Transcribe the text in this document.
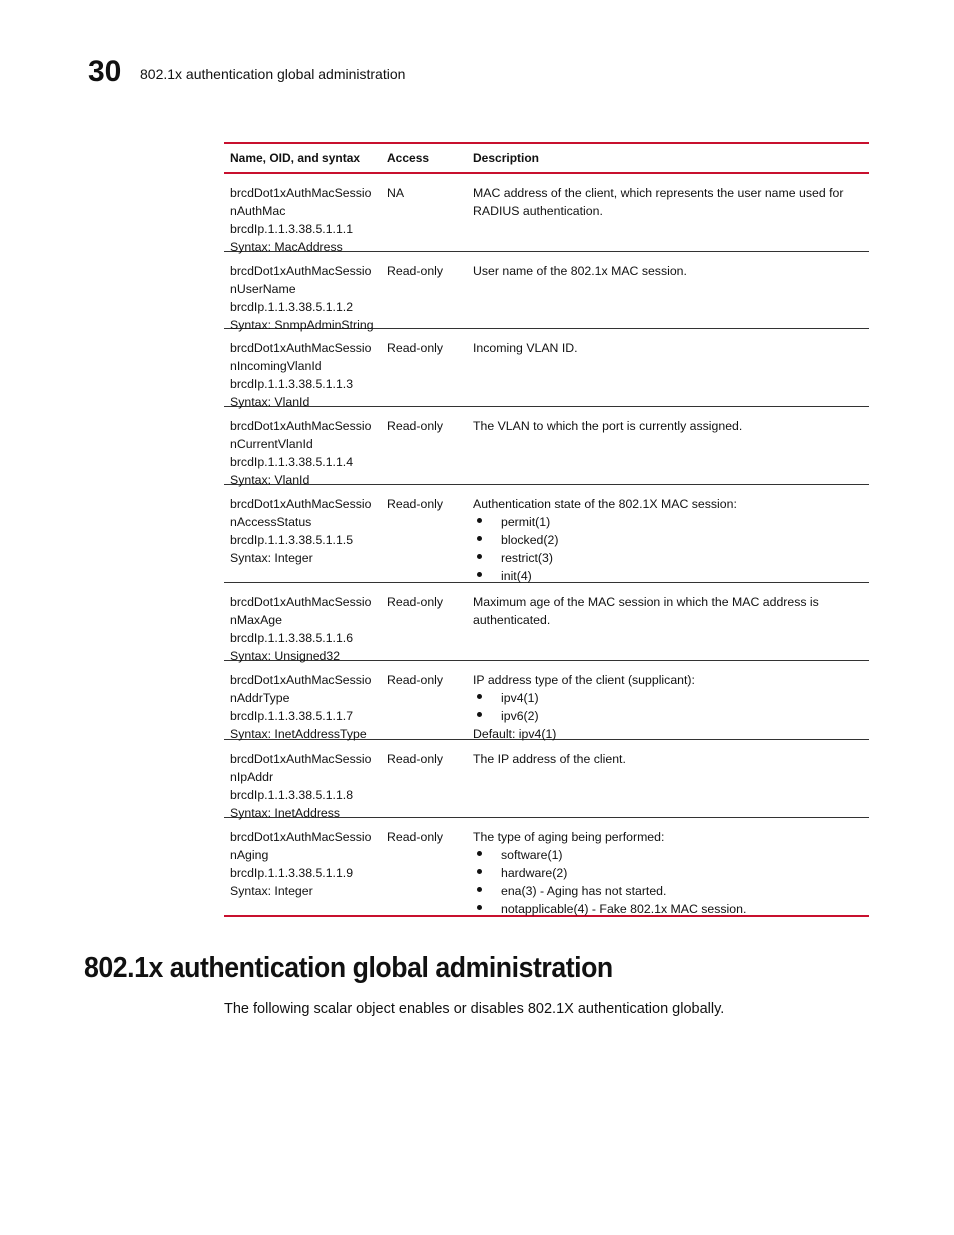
30 802.1x authentication global administration
Name, OID, and syntax	Access	Description
brcdDot1xAuthMacSessio
nAuthMac
brcdIp.1.1.3.38.5.1.1.1
Syntax: MacAddress
NA	MAC address of the client, which represents the user name used for RADIUS authentication.
brcdDot1xAuthMacSessio
nUserName
brcdIp.1.1.3.38.5.1.1.2
Syntax: SnmpAdminString
Read-only	User name of the 802.1x MAC session.
brcdDot1xAuthMacSessio
nIncomingVlanId
brcdIp.1.1.3.38.5.1.1.3
Syntax: VlanId
Read-only	Incoming VLAN ID.
brcdDot1xAuthMacSessio
nCurrentVlanId
brcdIp.1.1.3.38.5.1.1.4
Syntax: VlanId
Read-only	The VLAN to which the port is currently assigned.
brcdDot1xAuthMacSessio
nAccessStatus
brcdIp.1.1.3.38.5.1.1.5
Syntax: Integer
Read-only	Authentication state of the 802.1X MAC session:
permit(1)
blocked(2)
restrict(3)
init(4)
brcdDot1xAuthMacSessio
nMaxAge
brcdIp.1.1.3.38.5.1.1.6
Syntax: Unsigned32
Read-only	Maximum age of the MAC session in which the MAC address is authenticated.
brcdDot1xAuthMacSessio
nAddrType
brcdIp.1.1.3.38.5.1.1.7
Syntax: InetAddressType
Read-only	IP address type of the client (supplicant):
ipv4(1)
ipv6(2)
Default: ipv4(1)
brcdDot1xAuthMacSessio
nIpAddr
brcdIp.1.1.3.38.5.1.1.8
Syntax: InetAddress
Read-only	The IP address of the client.
brcdDot1xAuthMacSessio
nAging
brcdIp.1.1.3.38.5.1.1.9
Syntax: Integer
Read-only	The type of aging being performed:
software(1)
hardware(2)
ena(3) - Aging has not started.
notapplicable(4) - Fake 802.1x MAC session.
802.1x authentication global administration
The following scalar object enables or disables 802.1X authentication globally.
